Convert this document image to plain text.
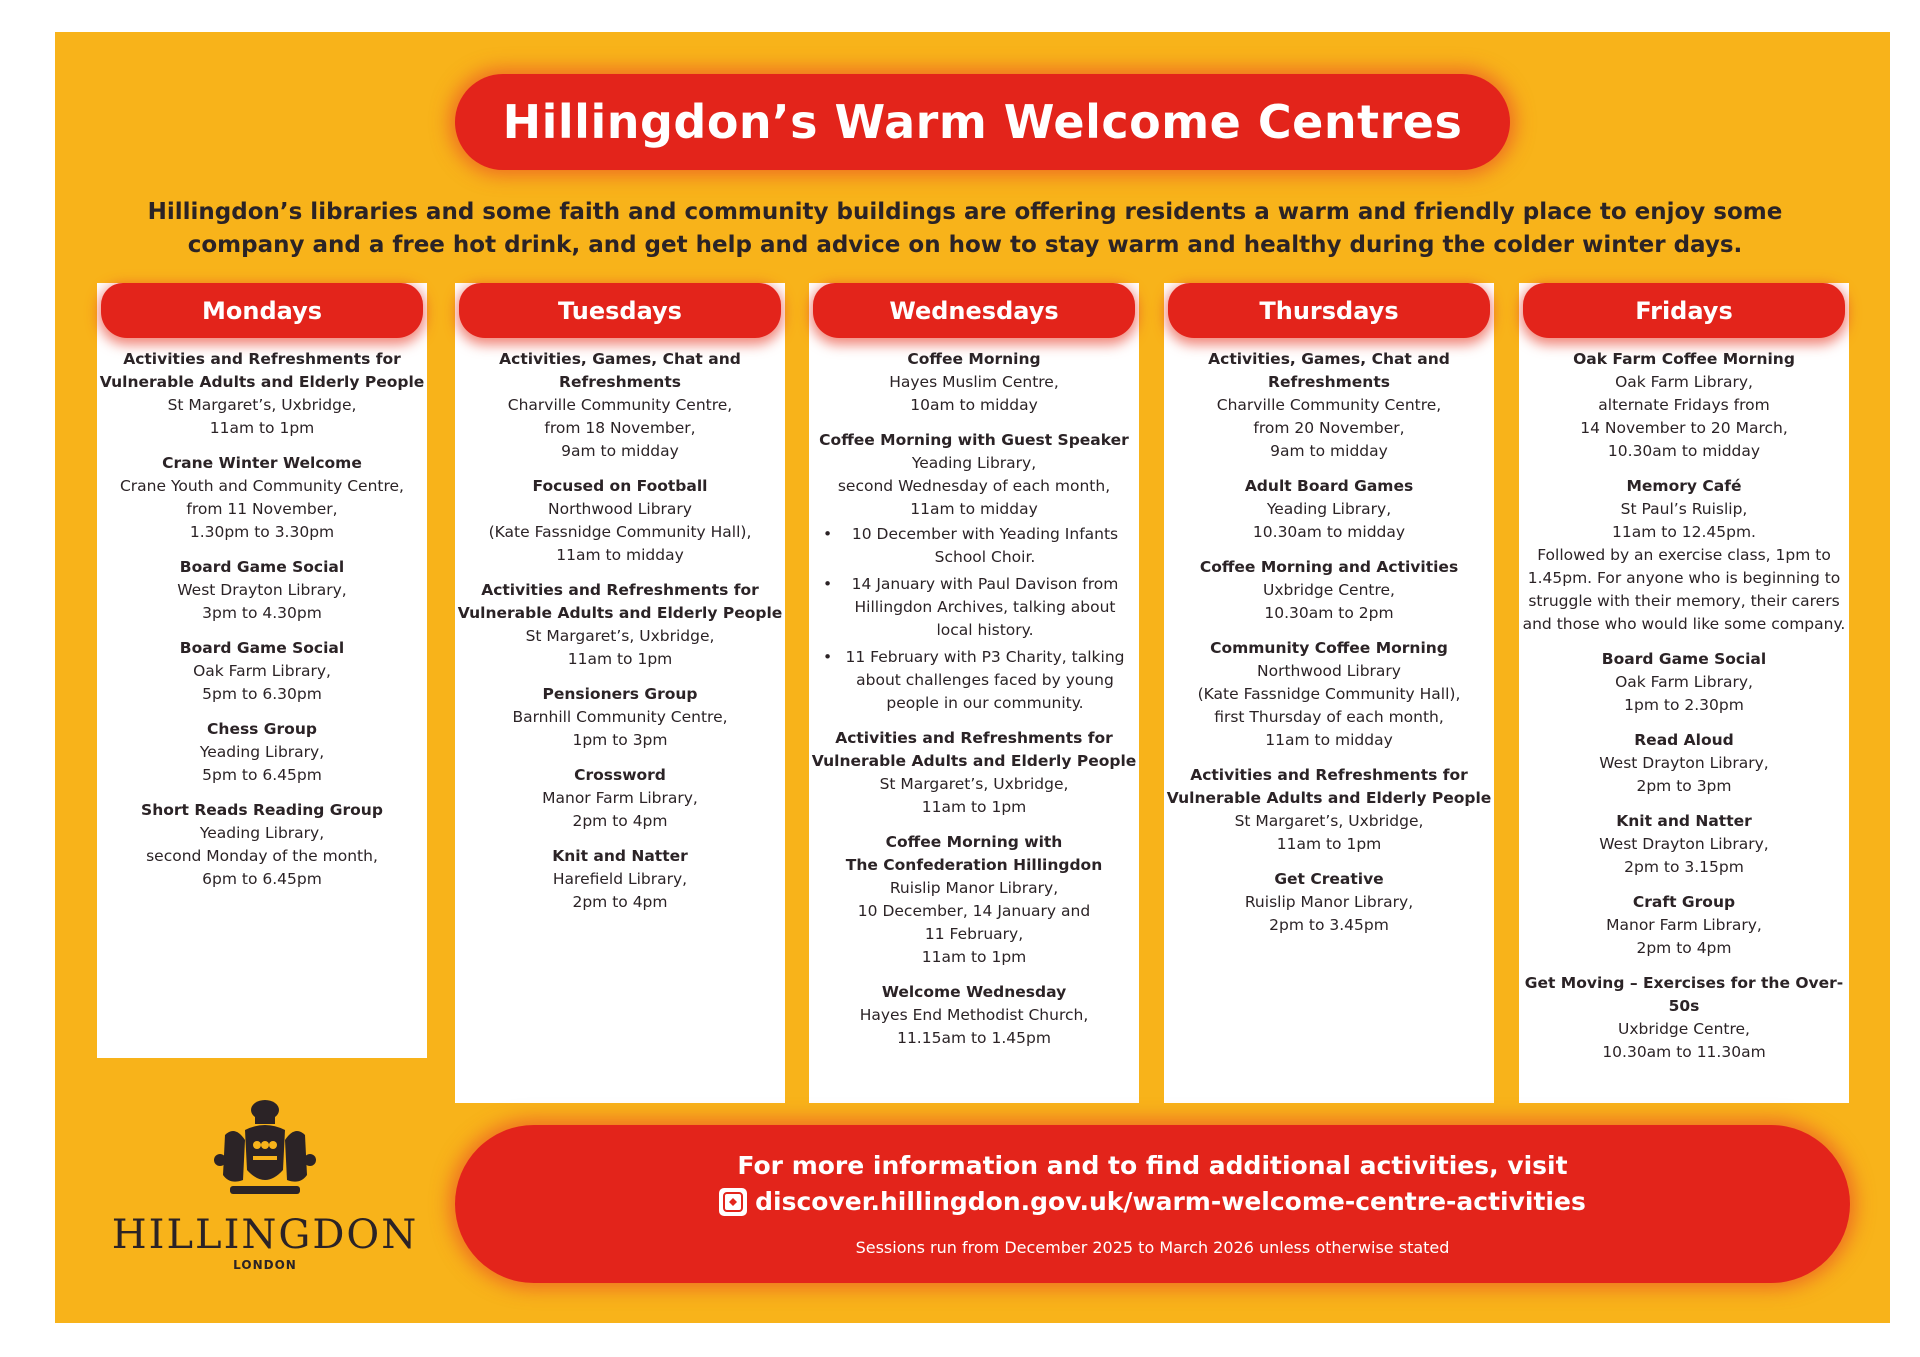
Hillingdon’s Warm Welcome Centres

Hillingdon’s libraries and some faith and community buildings are offering residents a warm and friendly place to enjoy some company and a free hot drink, and get help and advice on how to stay warm and healthy during the colder winter days.

Mondays
Activities and Refreshments for Vulnerable Adults and Elderly People
St Margaret’s, Uxbridge,
11am to 1pm
Crane Winter Welcome
Crane Youth and Community Centre,
from 11 November,
1.30pm to 3.30pm
Board Game Social
West Drayton Library,
3pm to 4.30pm
Board Game Social
Oak Farm Library,
5pm to 6.30pm
Chess Group
Yeading Library,
5pm to 6.45pm
Short Reads Reading Group
Yeading Library,
second Monday of the month,
6pm to 6.45pm
Tuesdays
Activities, Games, Chat and Refreshments
Charville Community Centre,
from 18 November,
9am to midday
Focused on Football
Northwood Library
(Kate Fassnidge Community Hall),
11am to midday
Activities and Refreshments for Vulnerable Adults and Elderly People
St Margaret’s, Uxbridge,
11am to 1pm
Pensioners Group
Barnhill Community Centre,
1pm to 3pm
Crossword
Manor Farm Library,
2pm to 4pm
Knit and Natter
Harefield Library,
2pm to 4pm
Wednesdays
Coffee Morning
Hayes Muslim Centre,
10am to midday
Coffee Morning with Guest Speaker
Yeading Library,
second Wednesday of each month,
11am to midday
• 10 December with Yeading Infants School Choir.
• 14 January with Paul Davison from Hillingdon Archives, talking about local history.
• 11 February with P3 Charity, talking about challenges faced by young people in our community.
Activities and Refreshments for Vulnerable Adults and Elderly People
St Margaret’s, Uxbridge,
11am to 1pm
Coffee Morning with
The Confederation Hillingdon
Ruislip Manor Library,
10 December, 14 January and
11 February,
11am to 1pm
Welcome Wednesday
Hayes End Methodist Church,
11.15am to 1.45pm
Thursdays
Activities, Games, Chat and Refreshments
Charville Community Centre,
from 20 November,
9am to midday
Adult Board Games
Yeading Library,
10.30am to midday
Coffee Morning and Activities
Uxbridge Centre,
10.30am to 2pm
Community Coffee Morning
Northwood Library
(Kate Fassnidge Community Hall),
first Thursday of each month,
11am to midday
Activities and Refreshments for Vulnerable Adults and Elderly People
St Margaret’s, Uxbridge,
11am to 1pm
Get Creative
Ruislip Manor Library,
2pm to 3.45pm
Fridays
Oak Farm Coffee Morning
Oak Farm Library,
alternate Fridays from
14 November to 20 March,
10.30am to midday
Memory Café
St Paul’s Ruislip,
11am to 12.45pm.
Followed by an exercise class, 1pm to 1.45pm. For anyone who is beginning to struggle with their memory, their carers and those who would like some company.
Board Game Social
Oak Farm Library,
1pm to 2.30pm
Read Aloud
West Drayton Library,
2pm to 3pm
Knit and Natter
West Drayton Library,
2pm to 3.15pm
Craft Group
Manor Farm Library,
2pm to 4pm
Get Moving – Exercises for the Over-50s
Uxbridge Centre,
10.30am to 11.30am
For more information and to find additional activities, visit
discover.hillingdon.gov.uk/warm-welcome-centre-activities
Sessions run from December 2025 to March 2026 unless otherwise stated
HILLINGDON
LONDON
